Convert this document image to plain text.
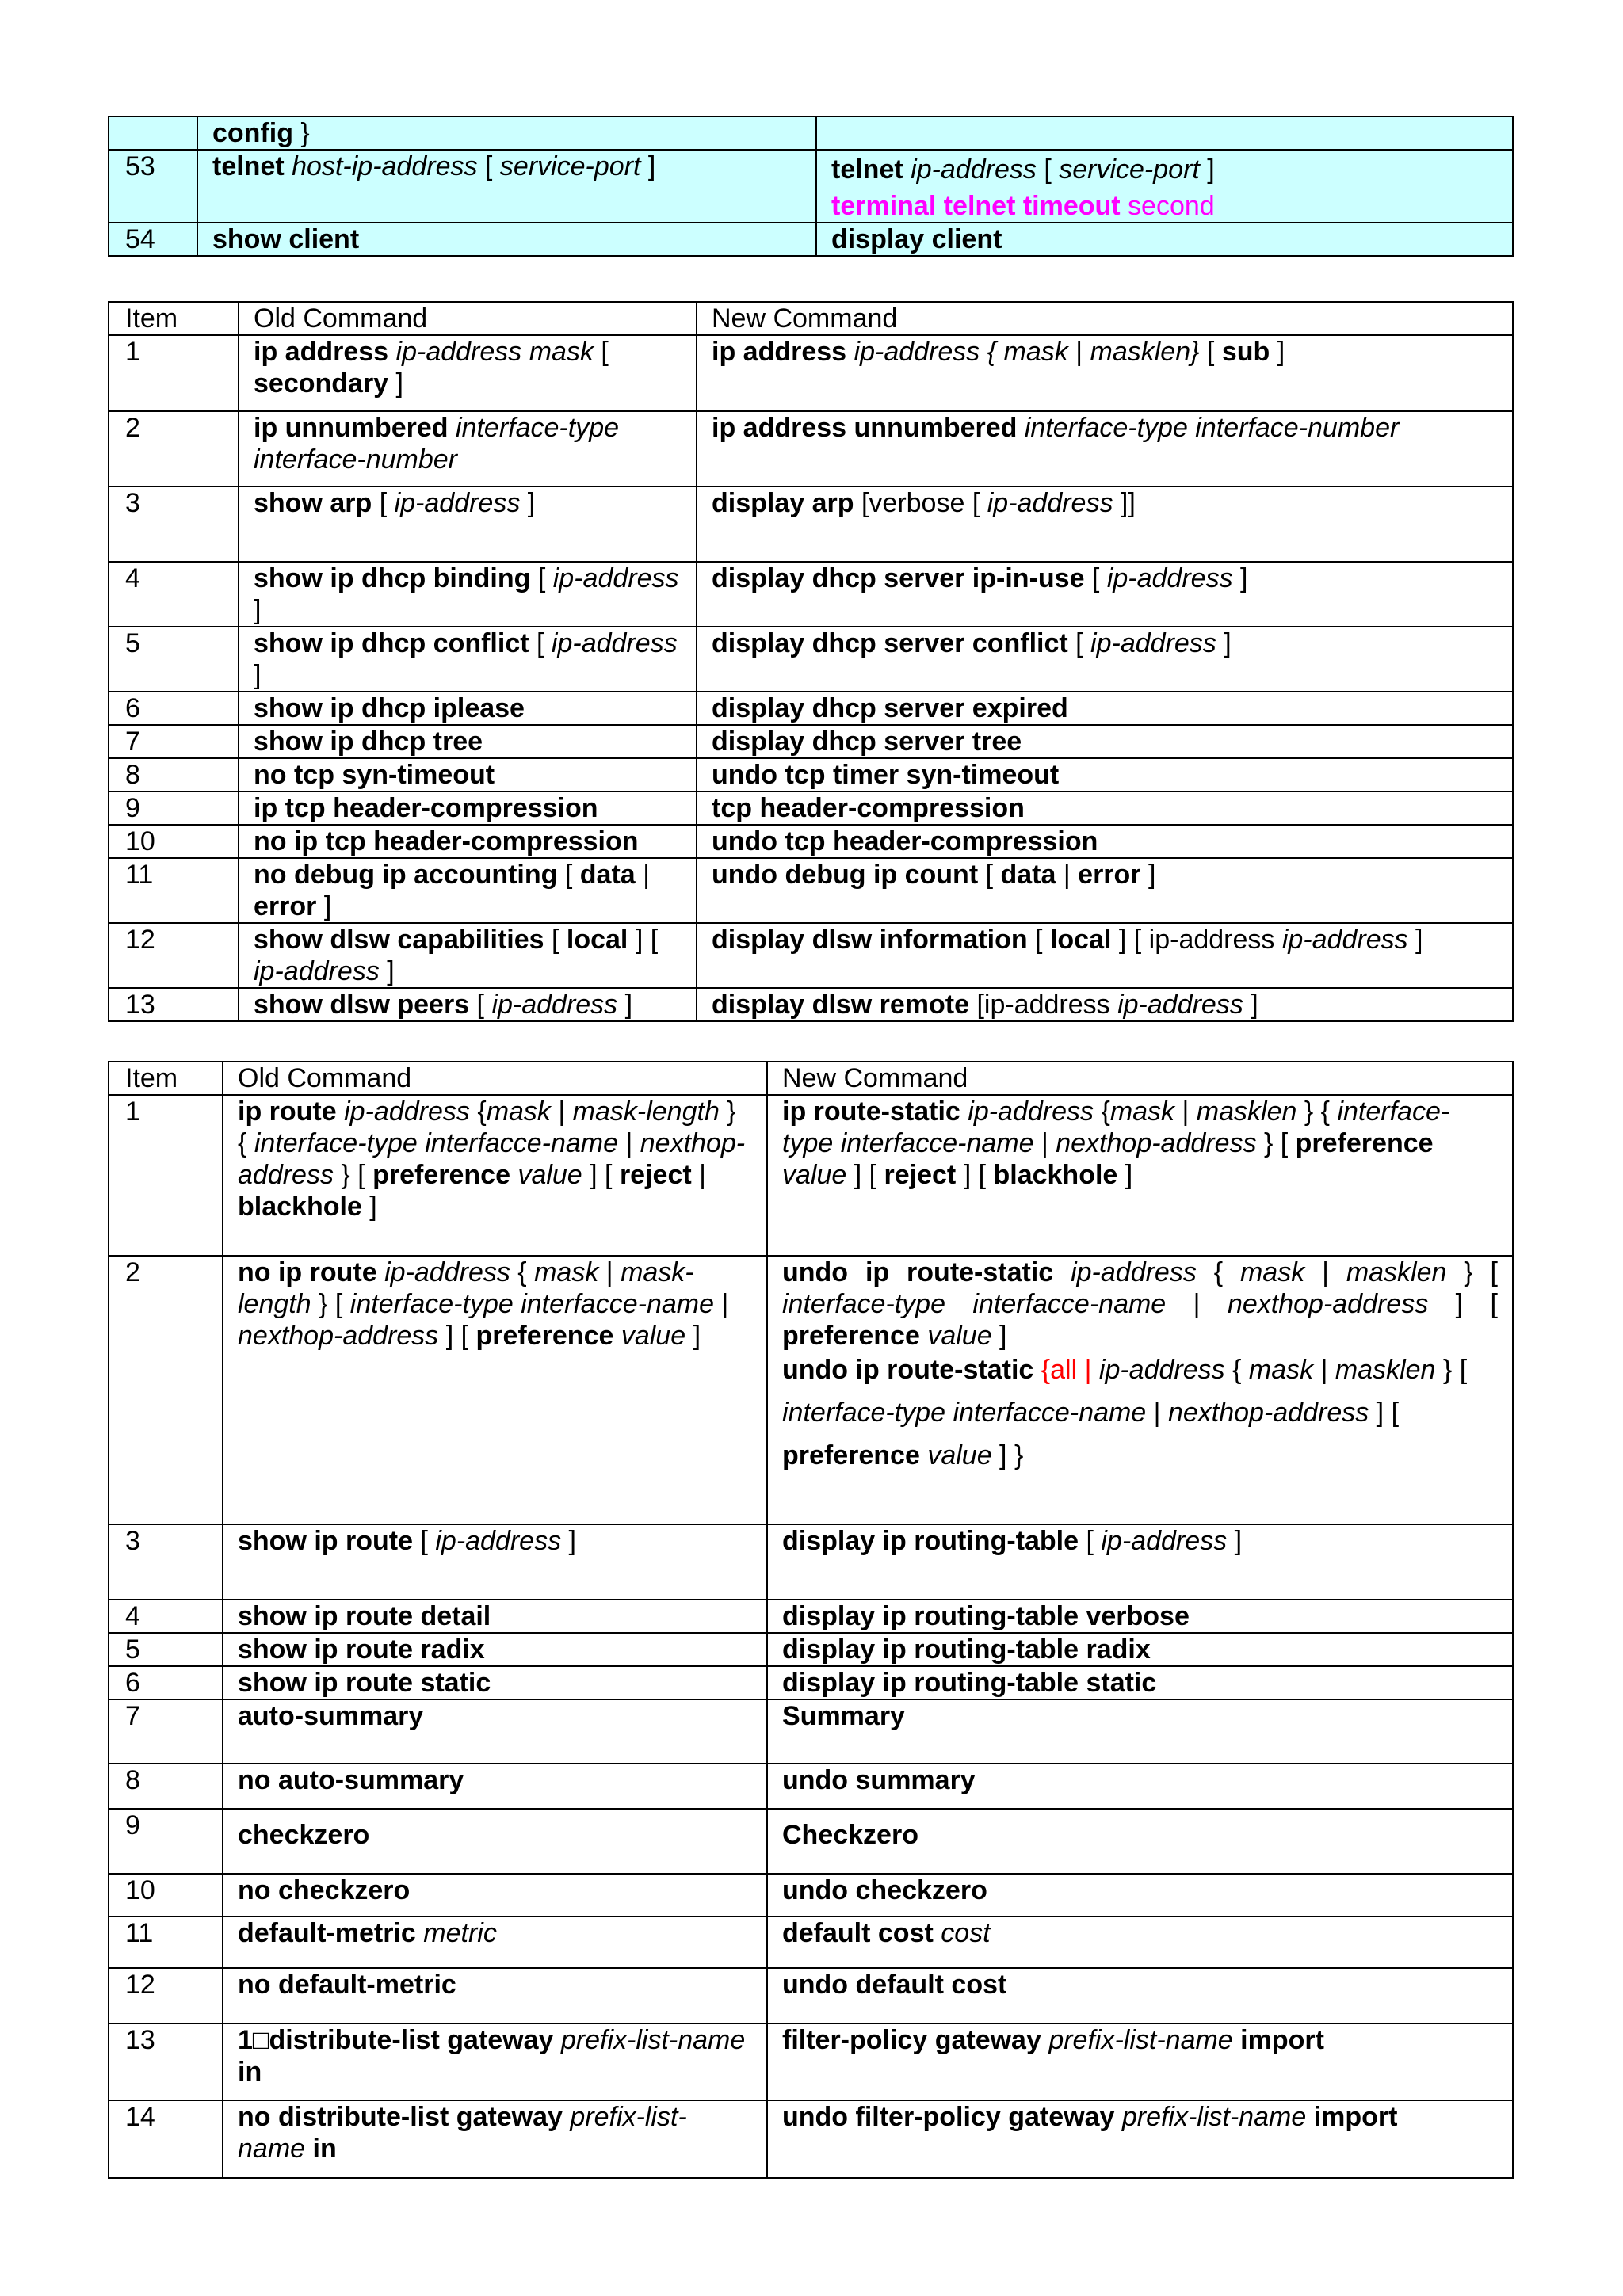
	config }	
53	telnet host-ip-address [ service-port ]	telnet ip-address [ service-port ]
terminal telnet timeout second

54	show client	display client
Item	Old Command	New Command
1	ip address ip-address mask [ secondary ]	ip address ip-address { mask | masklen} [ sub ]
2	ip unnumbered interface-type interface-number	ip address unnumbered interface-type interface-number
3	show arp [ ip-address ]	display arp [verbose [ ip-address ]]
4	show ip dhcp binding [ ip-address ]	display dhcp server ip-in-use [ ip-address ]
5	show ip dhcp conflict [ ip-address ]	display dhcp server conflict [ ip-address ]
6	show ip dhcp iplease	display dhcp server expired
7	show ip dhcp tree	display dhcp server tree
8	no tcp syn-timeout	undo tcp timer syn-timeout
9	ip tcp header-compression	tcp header-compression
10	no ip tcp header-compression	undo tcp header-compression
11	no debug ip accounting [ data | error ]	undo debug ip count [ data | error ]
12	show dlsw capabilities [ local ] [ ip-address ]	display dlsw information [ local ] [ ip-address ip-address ]
13	show dlsw peers [ ip-address ]	display dlsw remote [ip-address ip-address ]
Item	Old Command	New Command
1	ip route ip-address {mask | mask-length } { interface-type interfacce-name | nexthop-address } [ preference value ] [ reject | blackhole ]	ip route-static ip-address {mask | masklen } { interface-type interfacce-name | nexthop-address } [ preference value ] [ reject ] [ blackhole ]
2	no ip route ip-address { mask | mask-length } [ interface-type interfacce-name | nexthop-address ] [ preference value ]	undo ip route-static ip-address { mask | masklen } [ interface-type interfacce-name | nexthop-address ] [ preference value ]
undo ip route-static {all | ip-address { mask | masklen } [ interface-type interfacce-name | nexthop-address ] [ preference value ] }

3	show ip route [ ip-address ]	display ip routing-table [ ip-address ]
4	show ip route detail	display ip routing-table verbose
5	show ip route radix	display ip routing-table radix
6	show ip route static	display ip routing-table static
7	auto-summary	Summary
8	no auto-summary	undo summary
9	checkzero	Checkzero
10	no checkzero	undo checkzero
11	default-metric metric	default cost cost
12	no default-metric	undo default cost
13	1□distribute-list gateway prefix-list-name in	filter-policy gateway prefix-list-name import
14	no distribute-list gateway prefix-list-name in	undo filter-policy gateway prefix-list-name import
